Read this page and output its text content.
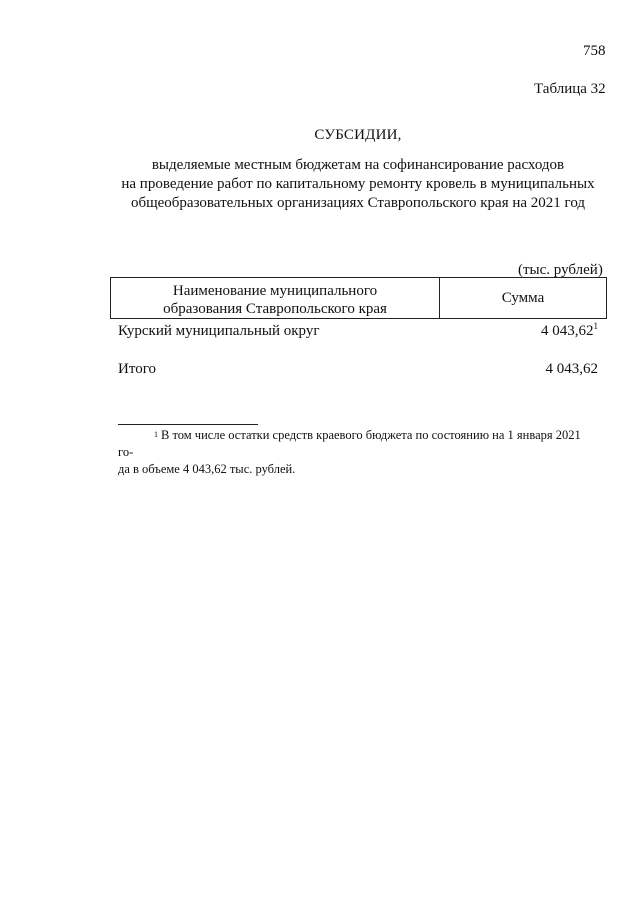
758
Таблица 32
СУБСИДИИ,
выделяемые местным бюджетам на софинансирование расходов
на проведение работ по капитальному ремонту кровель в муниципальных
общеобразовательных организациях Ставропольского края на 2021 год
(тыс. рублей)
Наименование муниципального
образования Ставропольского края
Сумма
Курский муниципальный округ	4 043,62$^1$
Итого	4 043,62
$^1$ В том числе остатки средств краевого бюджета по состоянию на 1 января 2021 го-
да в объеме 4 043,62 тыс. рублей.
